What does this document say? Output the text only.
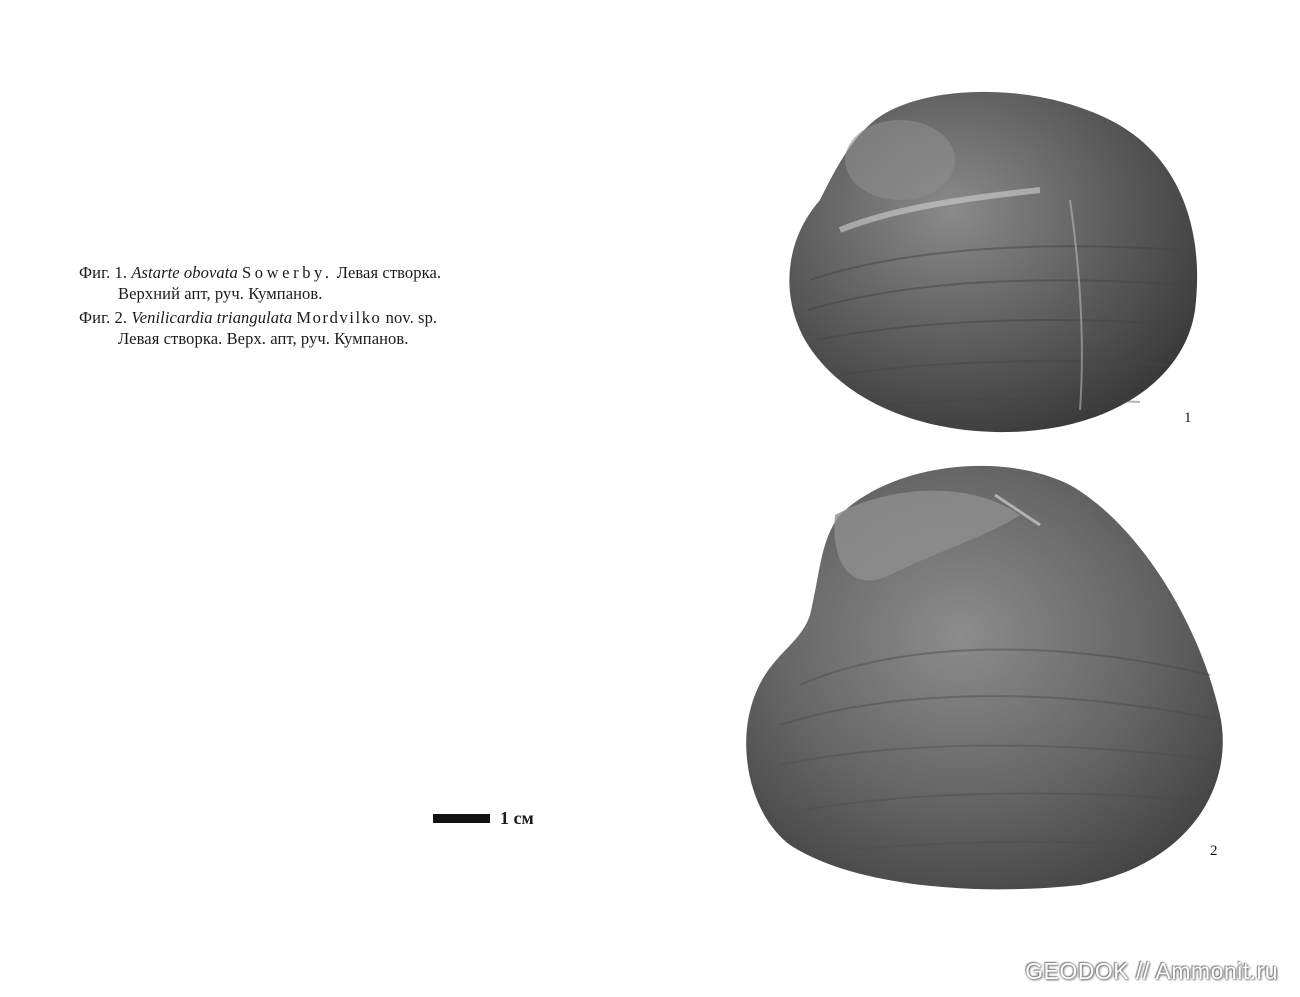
Фиг. 1. Astarte obovata Sowerby. Левая створка.
Верхний апт, руч. Кумпанов.
Фиг. 2. Venilicardia triangulata Mordvilko nov. sp.
Левая створка. Верх. апт, руч. Кумпанов.
1
2
1 см
GEODOK // Ammonit.ru
